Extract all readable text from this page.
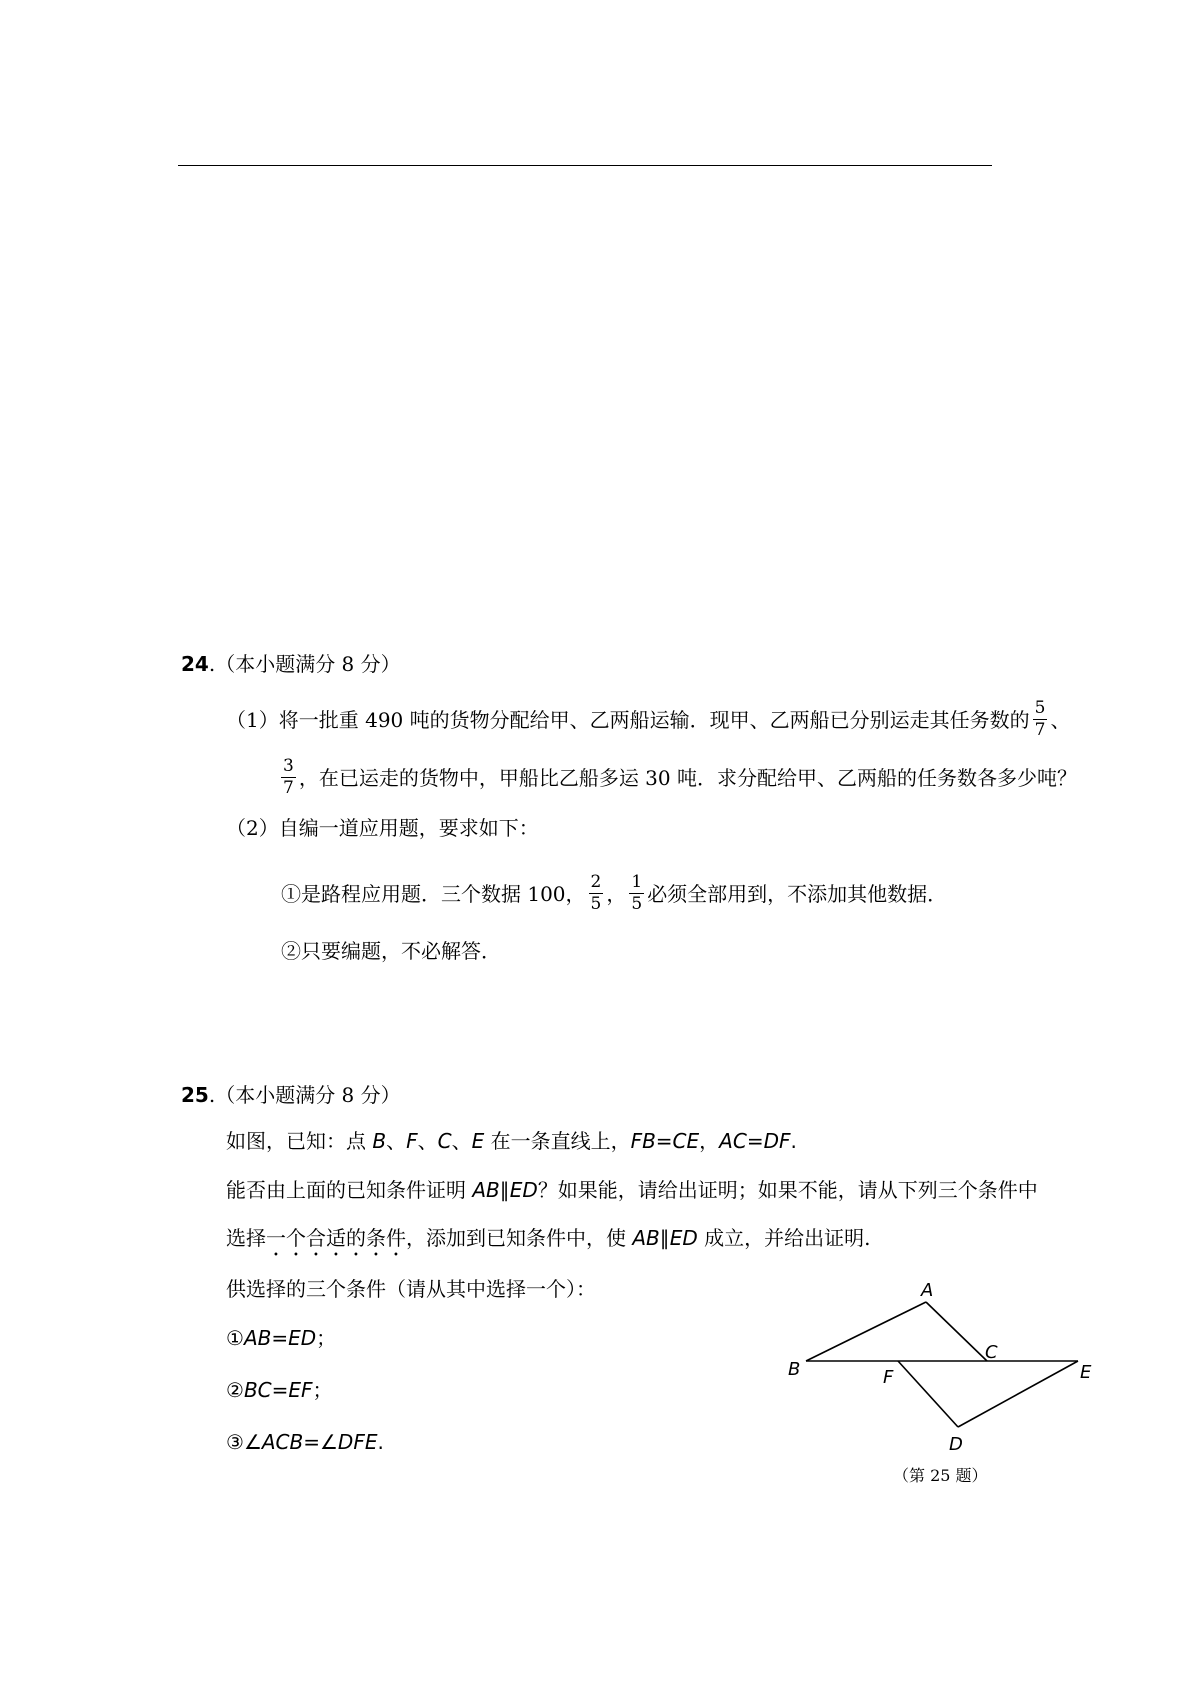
24.（本小题满分 8 分）
（1）将一批重 490 吨的货物分配给甲、乙两船运输．现甲、乙两船已分别运走其任务数的 $\frac{5}{7}$ 、
$\frac{3}{7}$ ，在已运走的货物中，甲船比乙船多运 30 吨．求分配给甲、乙两船的任务数各多少吨？
（2）自编一道应用题，要求如下：
①是路程应用题．三个数据 100， $\frac{2}{5}$ ， $\frac{1}{5}$ 必须全部用到，不添加其他数据．
②只要编题，不必解答．
25.（本小题满分 8 分）
如图，已知：点 B、F、C、E 在一条直线上，FB=CE，AC=DF.
能否由上面的已知条件证明 AB∥ED？如果能，请给出证明；如果不能，请从下列三个条件中
选择一个合适的条件，添加到已知条件中，使 AB∥ED 成立，并给出证明.
供选择的三个条件（请从其中选择一个）：
①AB=ED；
②BC=EF；
③∠ACB=∠DFE.
A
B
C
D
E
F
（第 25 题）
